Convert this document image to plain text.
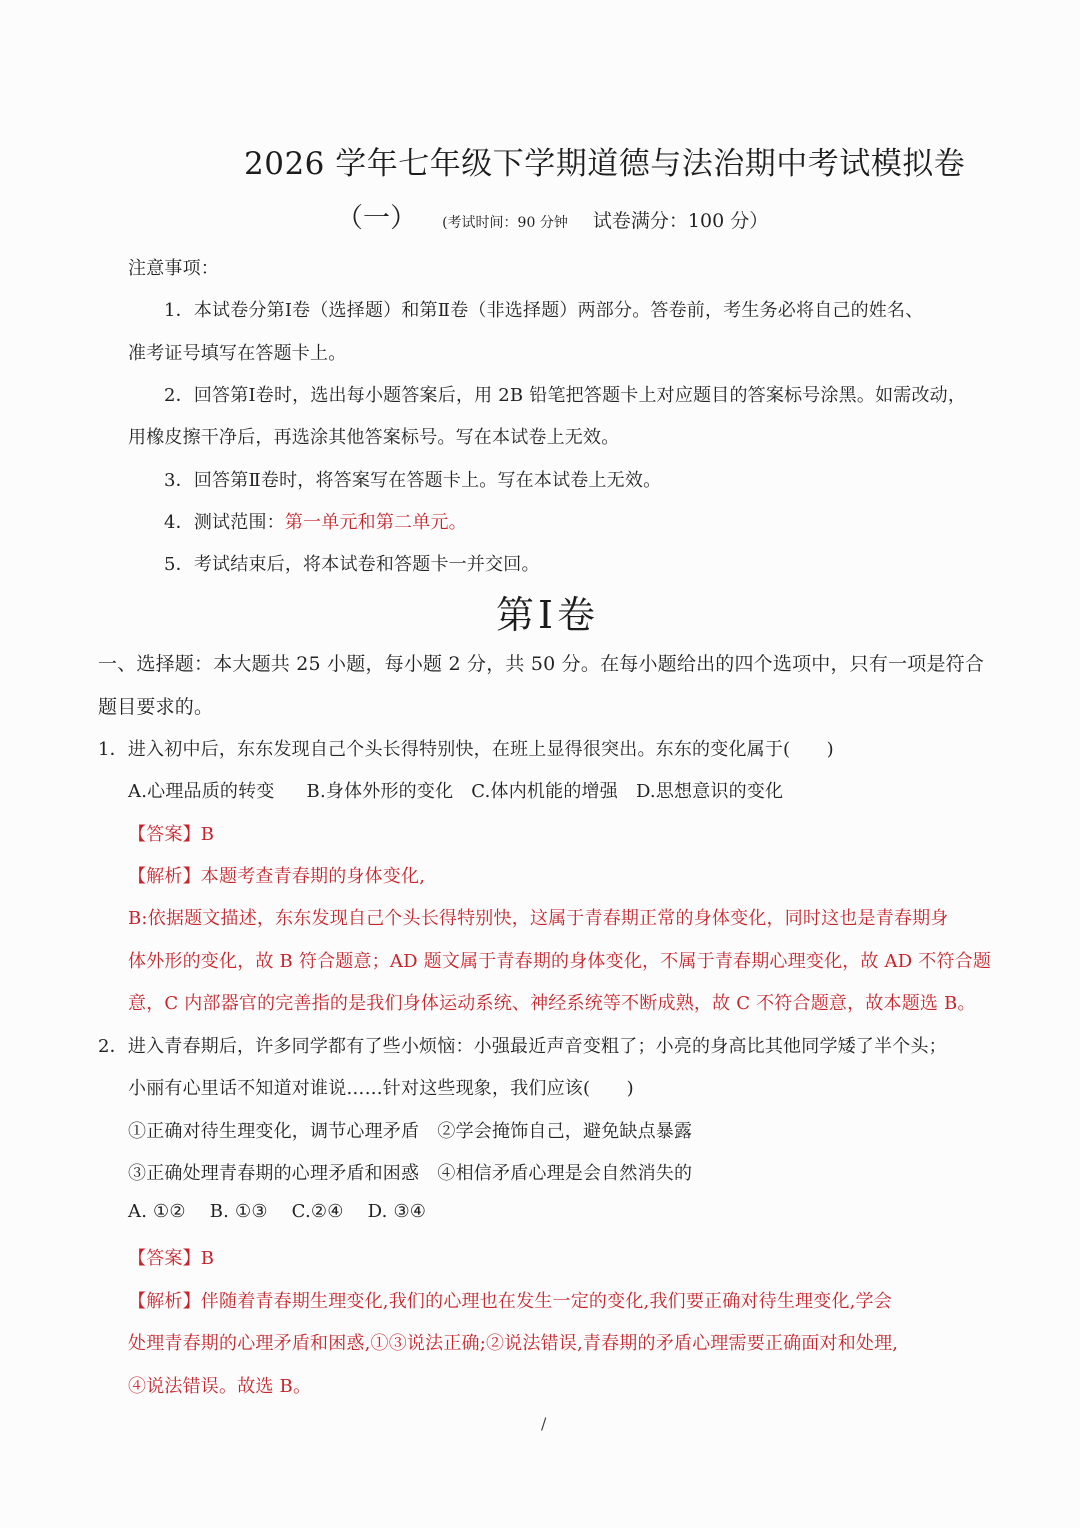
2026 学年七年级下学期道德与法治期中考试模拟卷
（一） (考试时间：90 分钟 试卷满分：100 分）
注意事项：
1．本试卷分第Ⅰ卷（选择题）和第Ⅱ卷（非选择题）两部分。答卷前，考生务必将自己的姓名、
准考证号填写在答题卡上。
2．回答第Ⅰ卷时，选出每小题答案后，用 2B 铅笔把答题卡上对应题目的答案标号涂黑。如需改动，
用橡皮擦干净后，再选涂其他答案标号。写在本试卷上无效。
3．回答第Ⅱ卷时，将答案写在答题卡上。写在本试卷上无效。
4．测试范围：第一单元和第二单元。
5．考试结束后，将本试卷和答题卡一并交回。
第Ⅰ卷
一、选择题：本大题共 25 小题，每小题 2 分，共 50 分。在每小题给出的四个选项中，只有一项是符合
题目要求的。
1．进入初中后，东东发现自己个头长得特别快，在班上显得很突出。东东的变化属于(　　)
A.心理品质的转变 B.身体外形的变化 C.体内机能的增强 D.思想意识的变化
【答案】B
【解析】本题考查青春期的身体变化,
B:依据题文描述，东东发现自己个头长得特别快，这属于青春期正常的身体变化，同时这也是青春期身
体外形的变化，故 B 符合题意；AD 题文属于青春期的身体变化，不属于青春期心理变化，故 AD 不符合题
意，C 内部器官的完善指的是我们身体运动系统、神经系统等不断成熟，故 C 不符合题意，故本题选 B。
2．进入青春期后，许多同学都有了些小烦恼：小强最近声音变粗了；小亮的身高比其他同学矮了半个头；
小丽有心里话不知道对谁说……针对这些现象，我们应该(　　)
①正确对待生理变化，调节心理矛盾　②学会掩饰自己，避免缺点暴露
③正确处理青春期的心理矛盾和困惑　④相信矛盾心理是会自然消失的
A. ①② B. ①③ C.②④ D. ③④
【答案】B
【解析】伴随着青春期生理变化,我们的心理也在发生一定的变化,我们要正确对待生理变化,学会
处理青春期的心理矛盾和困惑,①③说法正确;②说法错误,青春期的矛盾心理需要正确面对和处理,
④说法错误。故选 B。
/
